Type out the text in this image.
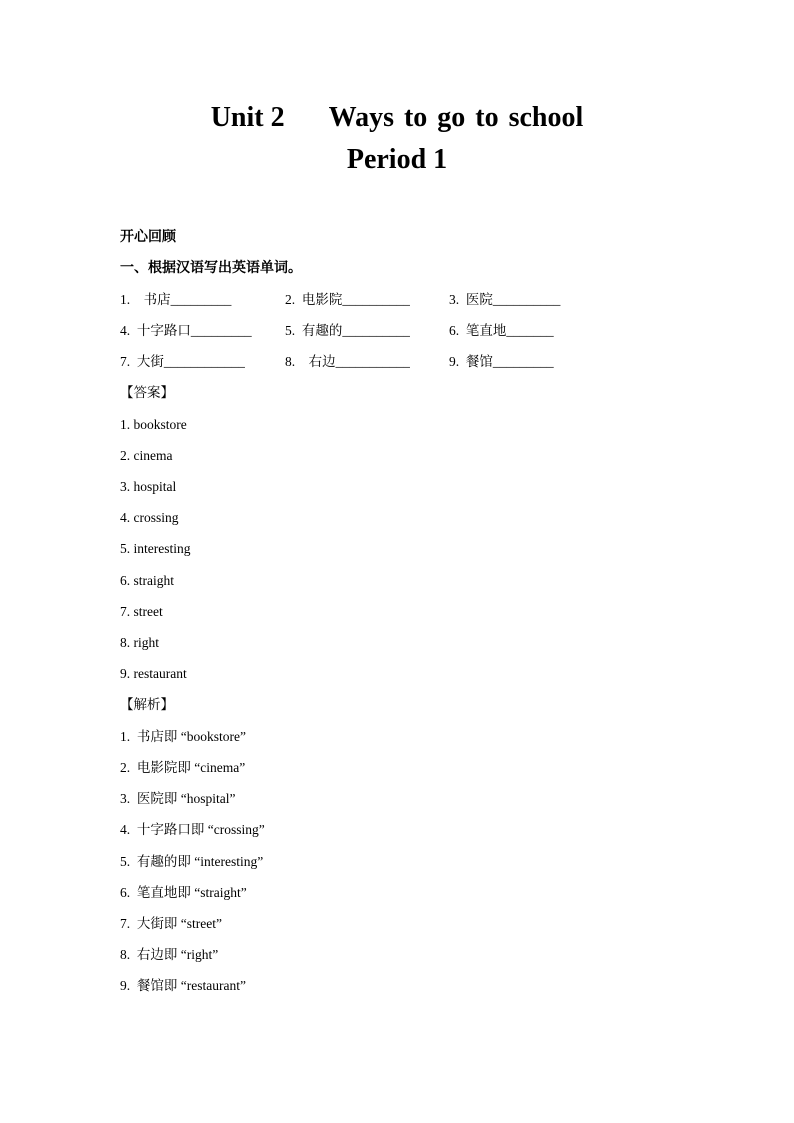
Unit 2 Ways to go to school
Period 1
开心回顾
一、根据汉语写出英语单词。
1.    书店_________	2.  电影院__________	3.  医院__________
4.  十字路口_________ 5.  有趣的__________	6.  笔直地_______
7.  大街____________	8.    右边___________	9.  餐馆_________
【答案】
1. bookstore
2. cinema
3. hospital
4. crossing
5. interesting
6. straight
7. street
8. right
9. restaurant
【解析】
1.  书店即 “bookstore”
2.  电影院即 “cinema”
3.  医院即 “hospital”
4.  十字路口即 “crossing”
5.  有趣的即 “interesting”
6.  笔直地即 “straight”
7.  大街即 “street”
8.  右边即 “right”
9.  餐馆即 “restaurant”
